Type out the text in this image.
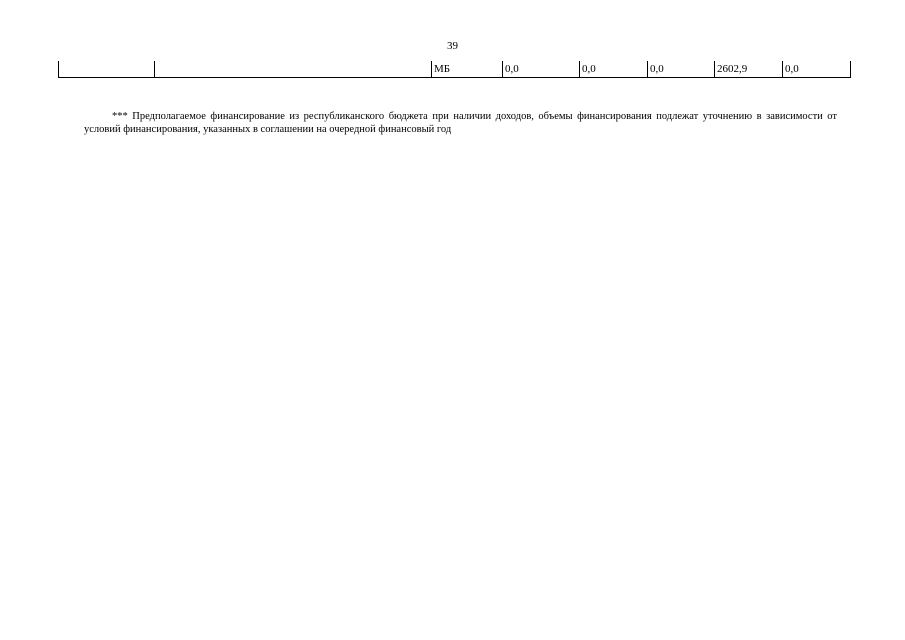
39
МБ	0,0	0,0	0,0	2602,9	0,0
*** Предполагаемое финансирование из республиканского бюджета при наличии доходов, объемы финансирования подлежат уточнению в зависимости от условий финансирования, указанных в соглашении на очередной финансовый год
